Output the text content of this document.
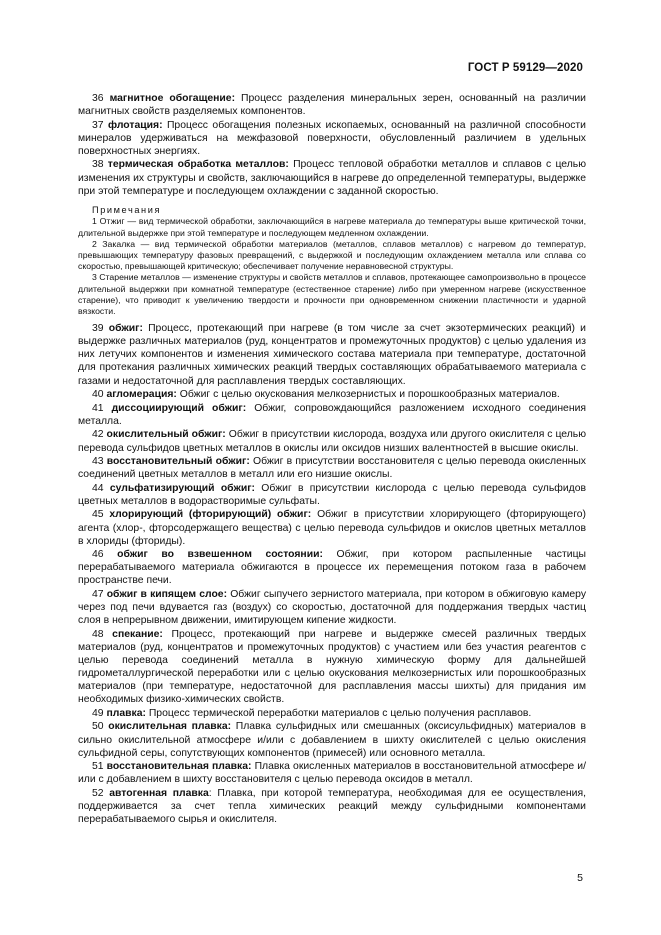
ГОСТ Р 59129—2020

36 магнитное обогащение: Процесс разделения минеральных зерен, основанный на различии магнитных свойств разделяемых компонентов.

37 флотация: Процесс обогащения полезных ископаемых, основанный на различной способности минералов удерживаться на межфазовой поверхности, обусловленный различием в удельных поверхностных энергиях.

38 термическая обработка металлов: Процесс тепловой обработки металлов и сплавов с целью изменения их структуры и свойств, заключающийся в нагреве до определенной температуры, выдержке при этой температуре и последующем охлаждении с заданной скоростью.

Примечания

1 Отжиг — вид термической обработки, заключающийся в нагреве материала до температуры выше критической точки, длительной выдержке при этой температуре и последующем медленном охлаждении.

2 Закалка — вид термической обработки материалов (металлов, сплавов металлов) с нагревом до температур, превышающих температуру фазовых превращений, с выдержкой и последующим охлаждением металла или сплава со скоростью, превышающей критическую; обеспечивает получение неравновесной структуры.

3 Старение металлов — изменение структуры и свойств металлов и сплавов, протекающее самопроизвольно в процессе длительной выдержки при комнатной температуре (естественное старение) либо при умеренном нагреве (искусственное старение), что приводит к увеличению твердости и прочности при одновременном снижении пластичности и ударной вязкости.

39 обжиг: Процесс, протекающий при нагреве (в том числе за счет экзотермических реакций) и выдержке различных материалов (руд, концентратов и промежуточных продуктов) с целью удаления из них летучих компонентов и изменения химического состава материала при температуре, достаточной для протекания различных химических реакций твердых составляющих обрабатываемого материала с газами и недостаточной для расплавления твердых составляющих.

40 агломерация: Обжиг с целью окускования мелкозернистых и порошкообразных материалов.

41 диссоциирующий обжиг: Обжиг, сопровождающийся разложением исходного соединения металла.

42 окислительный обжиг: Обжиг в присутствии кислорода, воздуха или другого окислителя с целью перевода сульфидов цветных металлов в окислы или оксидов низших валентностей в высшие окислы.

43 восстановительный обжиг: Обжиг в присутствии восстановителя с целью перевода окисленных соединений цветных металлов в металл или его низшие окислы.

44 сульфатизирующий обжиг: Обжиг в присутствии кислорода с целью перевода сульфидов цветных металлов в водорастворимые сульфаты.

45 хлорирующий (фторирующий) обжиг: Обжиг в присутствии хлорирующего (фторирующего) агента (хлор-, фторсодержащего вещества) с целью перевода сульфидов и окислов цветных металлов в хлориды (фториды).

46 обжиг во взвешенном состоянии: Обжиг, при котором распыленные частицы перерабатываемого материала обжигаются в процессе их перемещения потоком газа в рабочем пространстве печи.

47 обжиг в кипящем слое: Обжиг сыпучего зернистого материала, при котором в обжиговую камеру через под печи вдувается газ (воздух) со скоростью, достаточной для поддержания твердых частиц слоя в непрерывном движении, имитирующем кипение жидкости.

48 спекание: Процесс, протекающий при нагреве и выдержке смесей различных твердых материалов (руд, концентратов и промежуточных продуктов) с участием или без участия реагентов с целью перевода соединений металла в нужную химическую форму для дальнейшей гидрометаллургической переработки или с целью окускования мелкозернистых или порошкообразных материалов (при температуре, недостаточной для расплавления массы шихты) для придания им необходимых физико-химических свойств.

49 плавка: Процесс термической переработки материалов с целью получения расплавов.

50 окислительная плавка: Плавка сульфидных или смешанных (оксисульфидных) материалов в сильно окислительной атмосфере и/или с добавлением в шихту окислителей с целью окисления сульфидной серы, сопутствующих компонентов (примесей) или основного металла.

51 восстановительная плавка: Плавка окисленных материалов в восстановительной атмосфере и/или с добавлением в шихту восстановителя с целью перевода оксидов в металл.

52 автогенная плавка: Плавка, при которой температура, необходимая для ее осуществления, поддерживается за счет тепла химических реакций между сульфидными компонентами перерабатываемого сырья и окислителя.

5
